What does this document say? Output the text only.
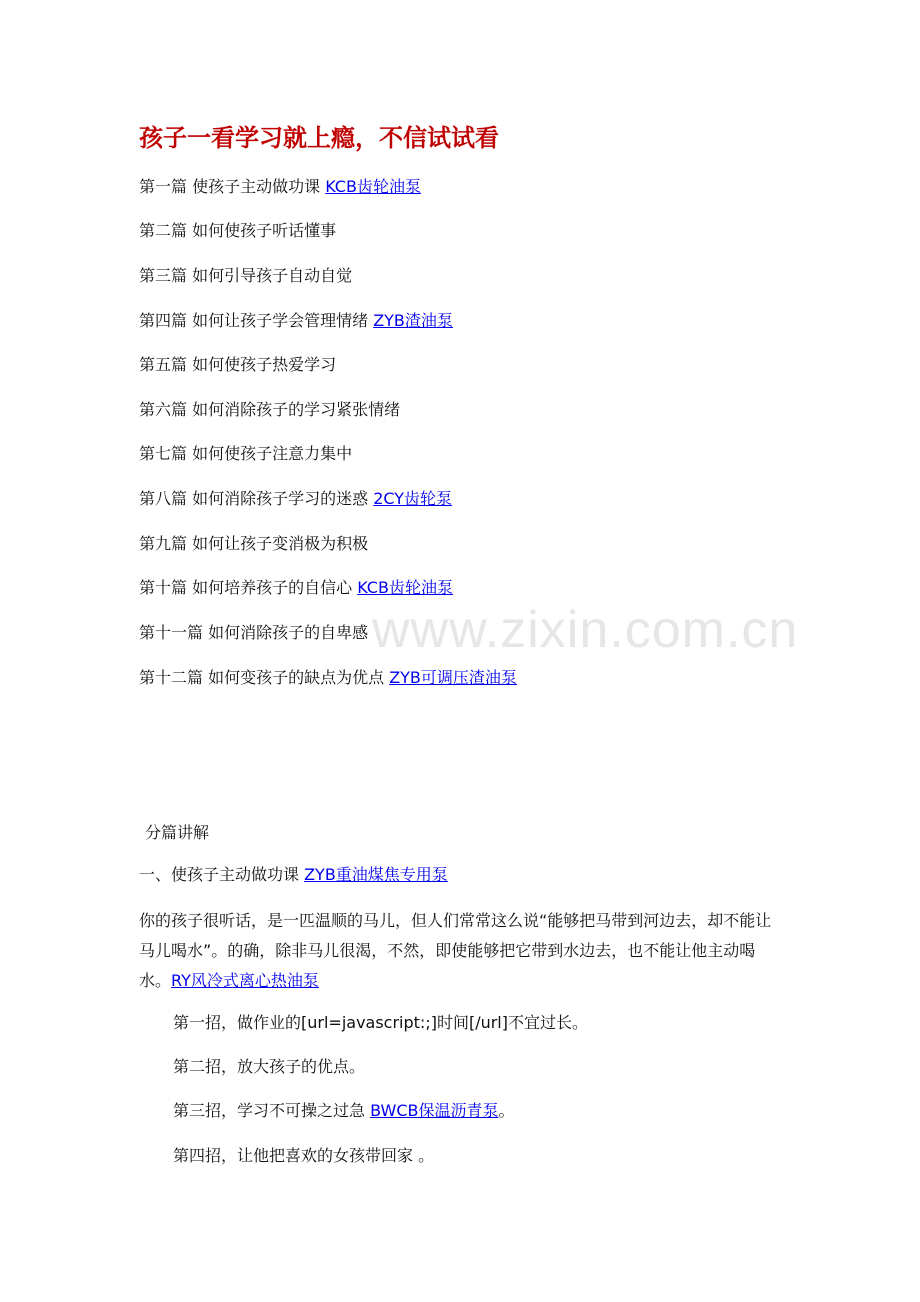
www.zixin.com.cn
孩子一看学习就上瘾，不信试试看
第一篇 使孩子主动做功课 KCB齿轮油泵
第二篇 如何使孩子听话懂事
第三篇 如何引导孩子自动自觉
第四篇 如何让孩子学会管理情绪 ZYB渣油泵
第五篇 如何使孩子热爱学习
第六篇 如何消除孩子的学习紧张情绪
第七篇 如何使孩子注意力集中
第八篇 如何消除孩子学习的迷惑 2CY齿轮泵
第九篇 如何让孩子变消极为积极
第十篇 如何培养孩子的自信心 KCB齿轮油泵
第十一篇 如何消除孩子的自卑感
第十二篇 如何变孩子的缺点为优点 ZYB可调压渣油泵
分篇讲解
一、使孩子主动做功课 ZYB重油煤焦专用泵
你的孩子很听话，是一匹温顺的马儿，但人们常常这么说“能够把马带到河边去，却不能让马儿喝水”。的确，除非马儿很渴，不然，即使能够把它带到水边去，也不能让他主动喝水。RY风冷式离心热油泵
第一招，做作业的[url=javascript:;]时间[/url]不宜过长。
第二招，放大孩子的优点。
第三招，学习不可操之过急 BWCB保温沥青泵。
第四招，让他把喜欢的女孩带回家 。
